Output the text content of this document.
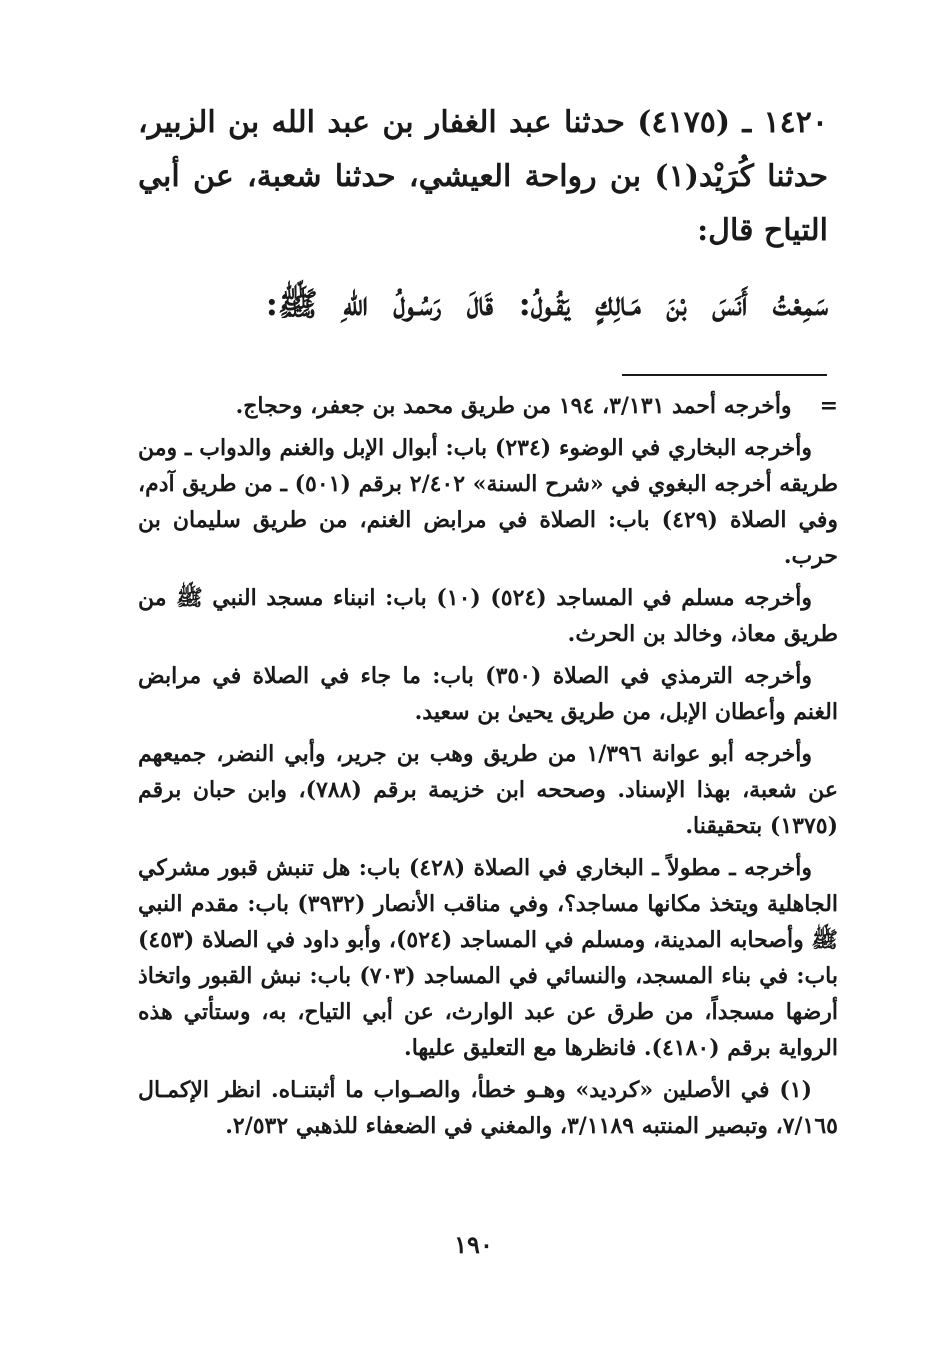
١٤٢٠ ـ (٤١٧٥) حدثنا عبد الغفار بن عبد الله بن الزبير، حدثنا كُرَيْد(١) بن رواحة العيشي، حدثنا شعبة، عن أبي التياح قال:

سَمِعْتُ أَنَسَ بْنَ مَـالِكٍ يَقُـولُ: قَالَ رَسُـولُ اللهِ ﷺ:

=وأخرجه أحمد ٣/١٣١، ١٩٤ من طريق محمد بن جعفر، وحجاج.

وأخرجه البخاري في الوضوء (٢٣٤) باب: أبوال الإبل والغنم والدواب ـ ومن طريقه أخرجه البغوي في «شرح السنة» ٢/٤٠٢ برقم (٥٠١) ـ من طريق آدم، وفي الصلاة (٤٢٩) باب: الصلاة في مرابض الغنم، من طريق سليمان بن حرب.

وأخرجه مسلم في المساجد (٥٢٤) (١٠) باب: انبناء مسجد النبي ﷺ من طريق معاذ، وخالد بن الحرث.

وأخرجه الترمذي في الصلاة (٣٥٠) باب: ما جاء في الصلاة في مرابض الغنم وأعطان الإبل، من طريق يحيىٰ بن سعيد.

وأخرجه أبو عوانة ١/٣٩٦ من طريق وهب بن جرير، وأبي النضر، جميعهم عن شعبة، بهذا الإسناد. وصححه ابن خزيمة برقم (٧٨٨)، وابن حبان برقم (١٣٧٥) بتحقيقنا.

وأخرجه ـ مطولاً ـ البخاري في الصلاة (٤٢٨) باب: هل تنبش قبور مشركي الجاهلية ويتخذ مكانها مساجد؟، وفي مناقب الأنصار (٣٩٣٢) باب: مقدم النبي ﷺ وأصحابه المدينة، ومسلم في المساجد (٥٢٤)، وأبو داود في الصلاة (٤٥٣) باب: في بناء المسجد، والنسائي في المساجد (٧٠٣) باب: نبش القبور واتخاذ أرضها مسجداً، من طرق عن عبد الوارث، عن أبي التياح، به، وستأتي هذه الرواية برقم (٤١٨٠). فانظرها مع التعليق عليها.

(١) في الأصلين «كرديد» وهـو خطأ، والصـواب ما أثبتنـاه. انظر الإكمـال ٧/١٦٥، وتبصير المنتبه ٣/١١٨٩، والمغني في الضعفاء للذهبي ٢/٥٣٢.

١٩٠
